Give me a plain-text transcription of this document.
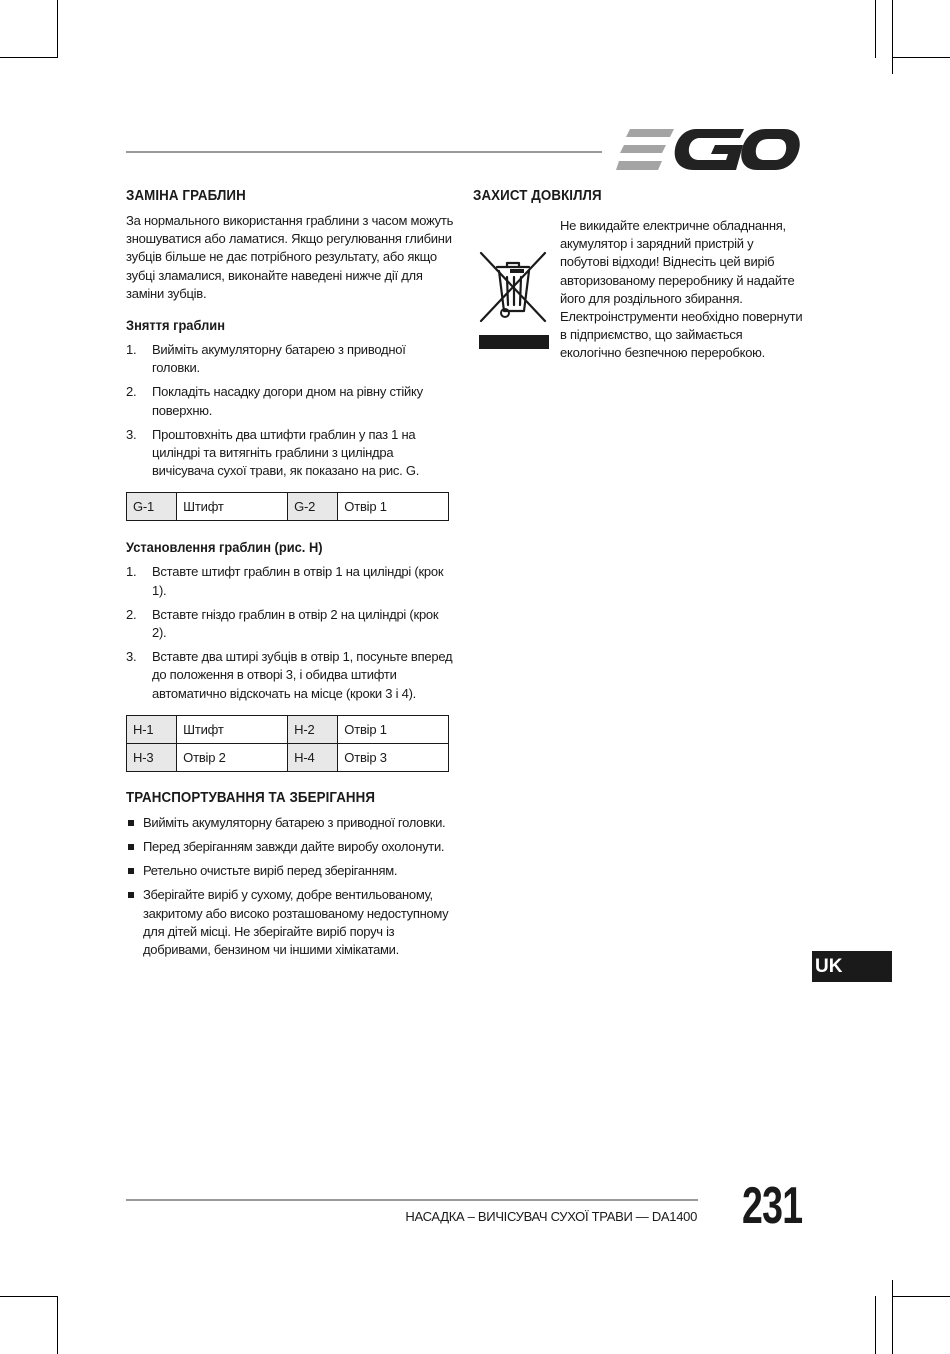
ЗАМІНА ГРАБЛИН

За нормального використання граблини з часом можуть зношуватися або ламатися. Якщо регулювання глибини зубців більше не дає потрібного результату, або якщо зубці зламалися, виконайте наведені нижче дії для заміни зубців.

Зняття граблин
1. Вийміть акумуляторну батарею з приводної головки.
2. Покладіть насадку догори дном на рівну стійку поверхню.
3. Проштовхніть два штифти граблин у паз 1 на циліндрі та витягніть граблини з циліндра вичісувача сухої трави, як показано на рис. G.
G-1	Штифт	G-2	Отвір 1
Установлення граблин (рис. H)
1. Вставте штифт граблин в отвір 1 на циліндрі (крок 1).
2. Вставте гніздо граблин в отвір 2 на циліндрі (крок 2).
3. Вставте два штирі зубців в отвір 1, посуньте вперед до положення в отворі 3, і обидва штифти автоматично відскочать на місце (кроки 3 і 4).
H-1	Штифт	H-2	Отвір 1
H-3	Отвір 2	H-4	Отвір 3
ТРАНСПОРТУВАННЯ ТА ЗБЕРІГАННЯ
Вийміть акумуляторну батарею з приводної головки.
Перед зберіганням завжди дайте виробу охолонути.
Ретельно очистьте виріб перед зберіганням.
Зберігайте виріб у сухому, добре вентильованому, закритому або високо розташованому недоступному для дітей місці. Не зберігайте виріб поруч із добривами, бензином чи іншими хімікатами.
ЗАХИСТ ДОВКІЛЛЯ

Не викидайте електричне обладнання, акумулятор і зарядний пристрій у побутові відходи! Віднесіть цей виріб авторизованому переробнику й надайте його для роздільного збирання. Електроінструменти необхідно повернути в підприємство, що займається екологічно безпечною переробкою.

UK
НАСАДКА – ВИЧІСУВАЧ СУХОЇ ТРАВИ — DA1400 231
